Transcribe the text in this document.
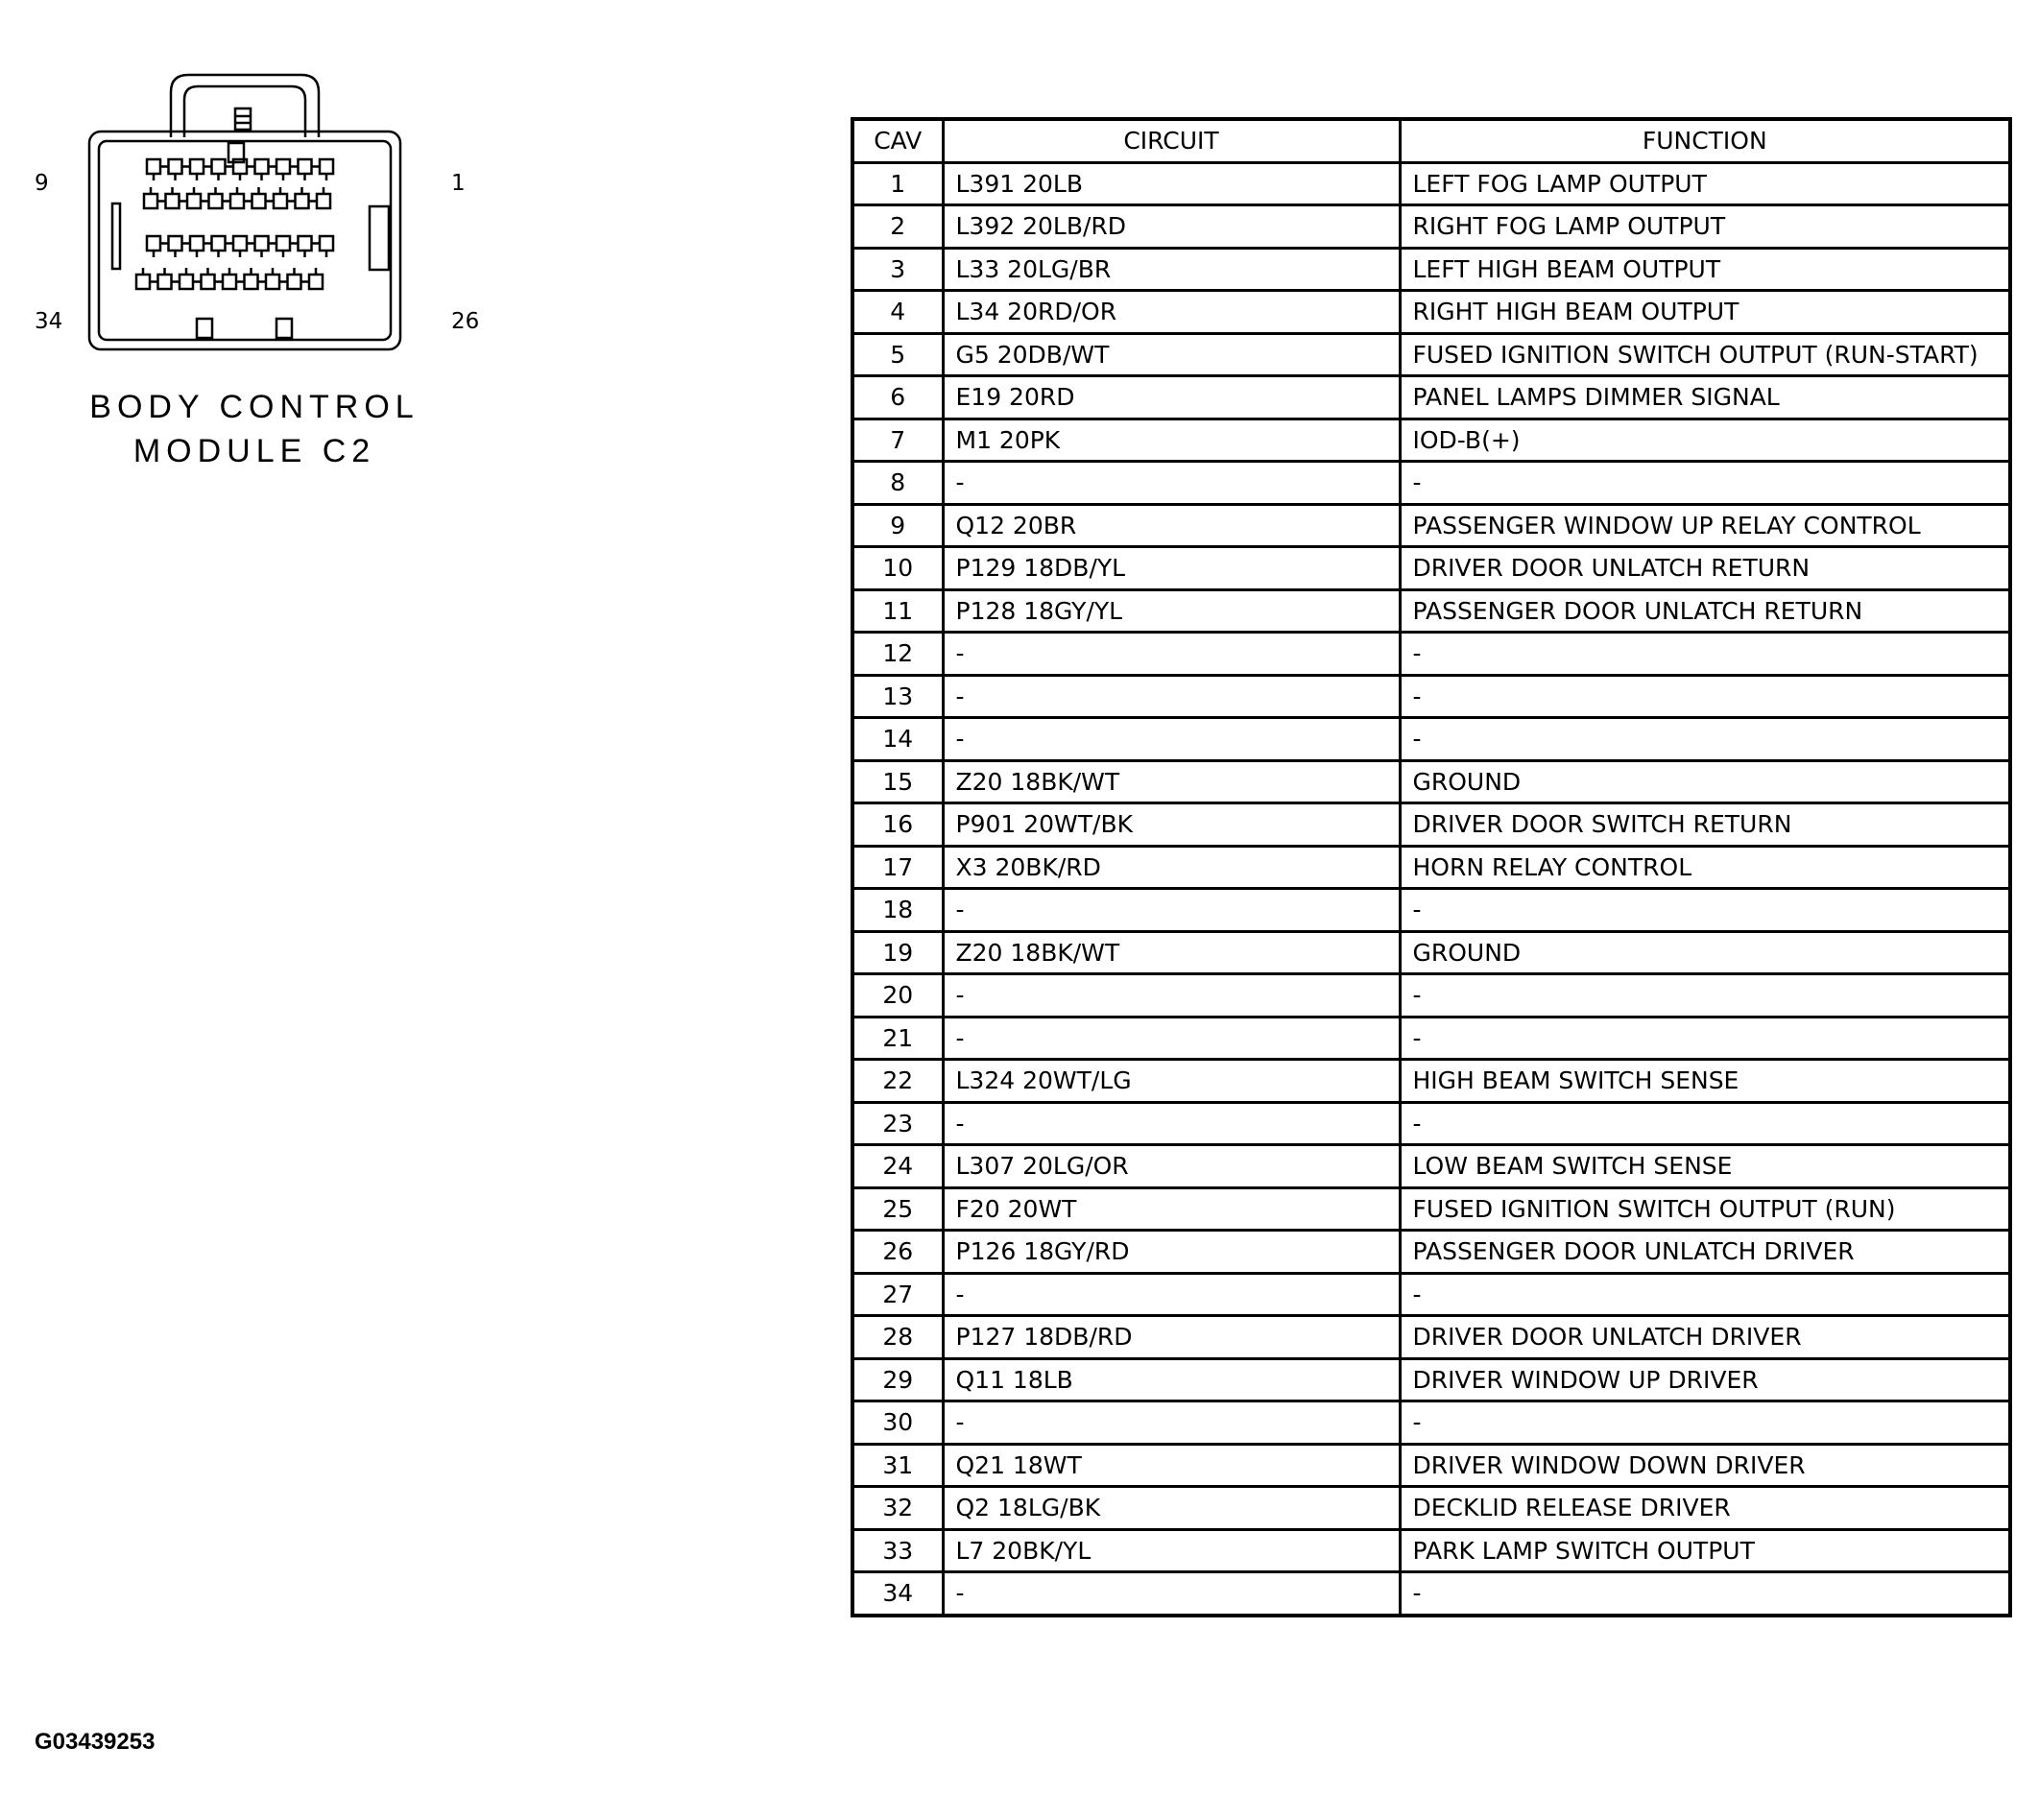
9	1
34	26
BODY CONTROL
MODULE C2
CAV	CIRCUIT	FUNCTION
1	L391 20LB	LEFT FOG LAMP OUTPUT
2	L392 20LB/RD	RIGHT FOG LAMP OUTPUT
3	L33 20LG/BR	LEFT HIGH BEAM OUTPUT
4	L34 20RD/OR	RIGHT HIGH BEAM OUTPUT
5	G5 20DB/WT	FUSED IGNITION SWITCH OUTPUT (RUN-START)
6	E19 20RD	PANEL LAMPS DIMMER SIGNAL
7	M1 20PK	IOD-B(+)
8	-	-
9	Q12 20BR	PASSENGER WINDOW UP RELAY CONTROL
10	P129 18DB/YL	DRIVER DOOR UNLATCH RETURN
11	P128 18GY/YL	PASSENGER DOOR UNLATCH RETURN
12	-	-
13	-	-
14	-	-
15	Z20 18BK/WT	GROUND
16	P901 20WT/BK	DRIVER DOOR SWITCH RETURN
17	X3 20BK/RD	HORN RELAY CONTROL
18	-	-
19	Z20 18BK/WT	GROUND
20	-	-
21	-	-
22	L324 20WT/LG	HIGH BEAM SWITCH SENSE
23	-	-
24	L307 20LG/OR	LOW BEAM SWITCH SENSE
25	F20 20WT	FUSED IGNITION SWITCH OUTPUT (RUN)
26	P126 18GY/RD	PASSENGER DOOR UNLATCH DRIVER
27	-	-
28	P127 18DB/RD	DRIVER DOOR UNLATCH DRIVER
29	Q11 18LB	DRIVER WINDOW UP DRIVER
30	-	-
31	Q21 18WT	DRIVER WINDOW DOWN DRIVER
32	Q2 18LG/BK	DECKLID RELEASE DRIVER
33	L7 20BK/YL	PARK LAMP SWITCH OUTPUT
34	-	-
G03439253
